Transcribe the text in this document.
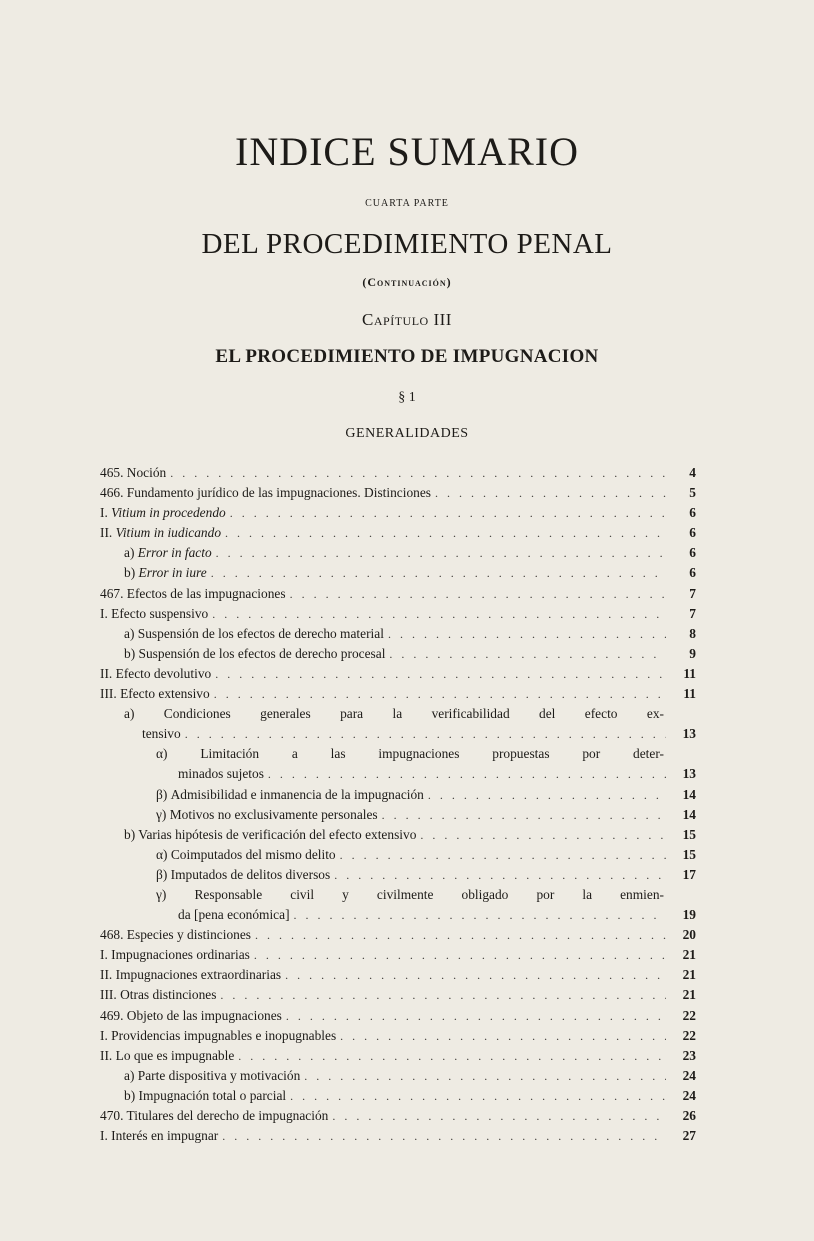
INDICE SUMARIO
CUARTA PARTE
DEL PROCEDIMIENTO PENAL
(Continuación)
Capítulo III
EL PROCEDIMIENTO DE IMPUGNACION
§ 1
GENERALIDADES
465. Noción . . .	4
466. Fundamento jurídico de las impugnaciones. Distinciones . . .	5
I. Vitium in procedendo . . .	6
II. Vitium in iudicando . . .	6
a) Error in facto . . .	6
b) Error in iure . . .	6
467. Efectos de las impugnaciones . . .	7
I. Efecto suspensivo . . .	7
a) Suspensión de los efectos de derecho material . . .	8
b) Suspensión de los efectos de derecho procesal . . .	9
II. Efecto devolutivo . . .	11
III. Efecto extensivo . . .	11
a) Condiciones generales para la verificabilidad del efecto ex-
tensivo . . .	13
α) Limitación a las impugnaciones propuestas por deter-
minados sujetos . . .	13
β) Admisibilidad e inmanencia de la impugnación . . .	14
γ) Motivos no exclusivamente personales . . .	14
b) Varias hipótesis de verificación del efecto extensivo . . .	15
α) Coimputados del mismo delito . . .	15
β) Imputados de delitos diversos . . .	17
γ) Responsable civil y civilmente obligado por la enmien-
da [pena económica] . . .	19
468. Especies y distinciones . . .	20
I. Impugnaciones ordinarias . . .	21
II. Impugnaciones extraordinarias . . .	21
III. Otras distinciones . . .	21
469. Objeto de las impugnaciones . . .	22
I. Providencias impugnables e inopugnables . . .	22
II. Lo que es impugnable . . .	23
a) Parte dispositiva y motivación . . .	24
b) Impugnación total o parcial . . .	24
470. Titulares del derecho de impugnación . . .	26
I. Interés en impugnar . . .	27
